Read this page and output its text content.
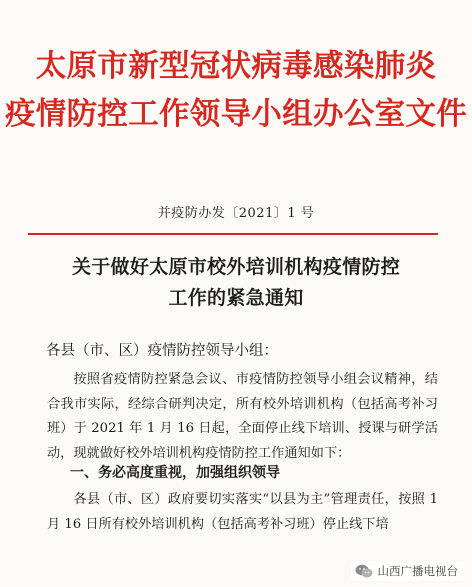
太原市新型冠状病毒感染肺炎
疫情防控工作领导小组办公室文件
并疫防办发〔2021〕1 号
关于做好太原市校外培训机构疫情防控
工作的紧急通知
各县（市、区）疫情防控领导小组：

按照省疫情防控紧急会议、市疫情防控领导小组会议精神，结合我市实际，经综合研判决定，所有校外培训机构（包括高考补习班）于 2021 年 1 月 16 日起，全面停止线下培训、授课与研学活动，现就做好校外培训机构疫情防控工作通知如下：

一、务必高度重视，加强组织领导

各县（市、区）政府要切实落实“以县为主”管理责任，按照 1 月 16 日所有校外培训机构（包括高考补习班）停止线下培

山西广播电视台
